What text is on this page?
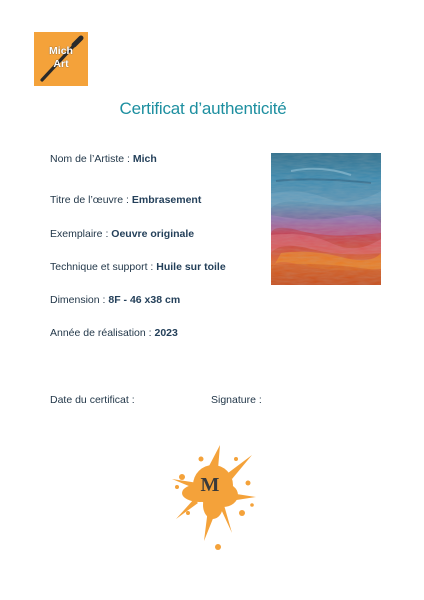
Mich
Art
Certificat d’authenticité
Nom de l’Artiste : Mich
Titre de l’œuvre : Embrasement
Exemplaire : Oeuvre originale
Technique et support : Huile sur toile
Dimension : 8F - 46 x38 cm
Année de réalisation : 2023
Date du certificat :	Signature :
M
